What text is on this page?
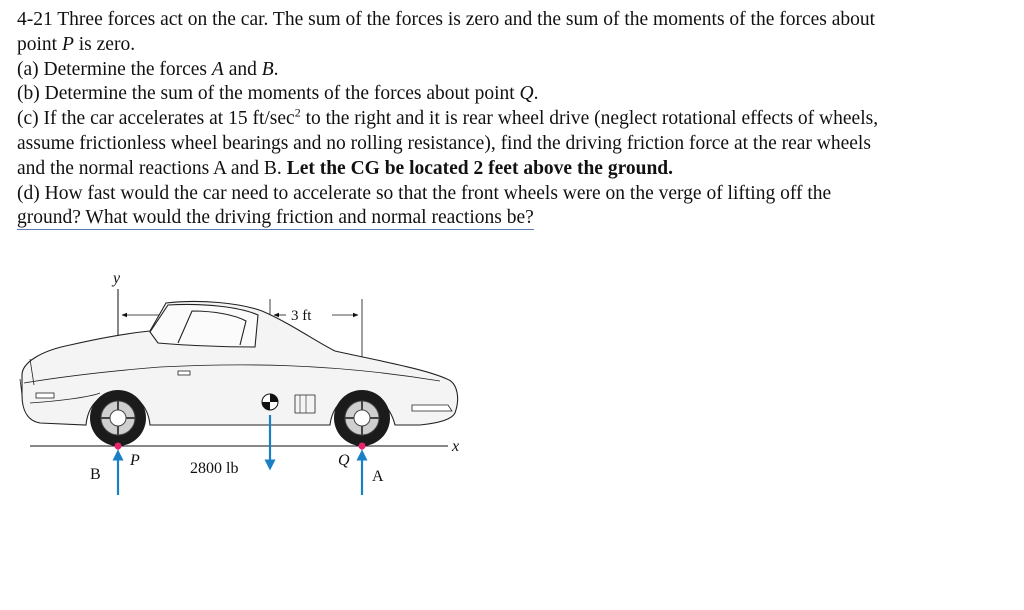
4-21 Three forces act on the car. The sum of the forces is zero and the sum of the moments of the forces about
point P is zero.
(a) Determine the forces A and B.
(b) Determine the sum of the moments of the forces about point Q.
(c) If the car accelerates at 15 $ft/\sec^2$ to the right and it is rear wheel drive (neglect rotational effects of wheels,
assume frictionless wheel bearings and no rolling resistance), find the driving friction force at the rear wheels
and the normal reactions A and B. Let the CG be located 2 feet above the ground.
(d) How fast would the car need to accelerate so that the front wheels were on the verge of lifting off the
ground? What would the driving friction and normal reactions be?
y
3 ft
x
P	Q
B	A
2800 lb
